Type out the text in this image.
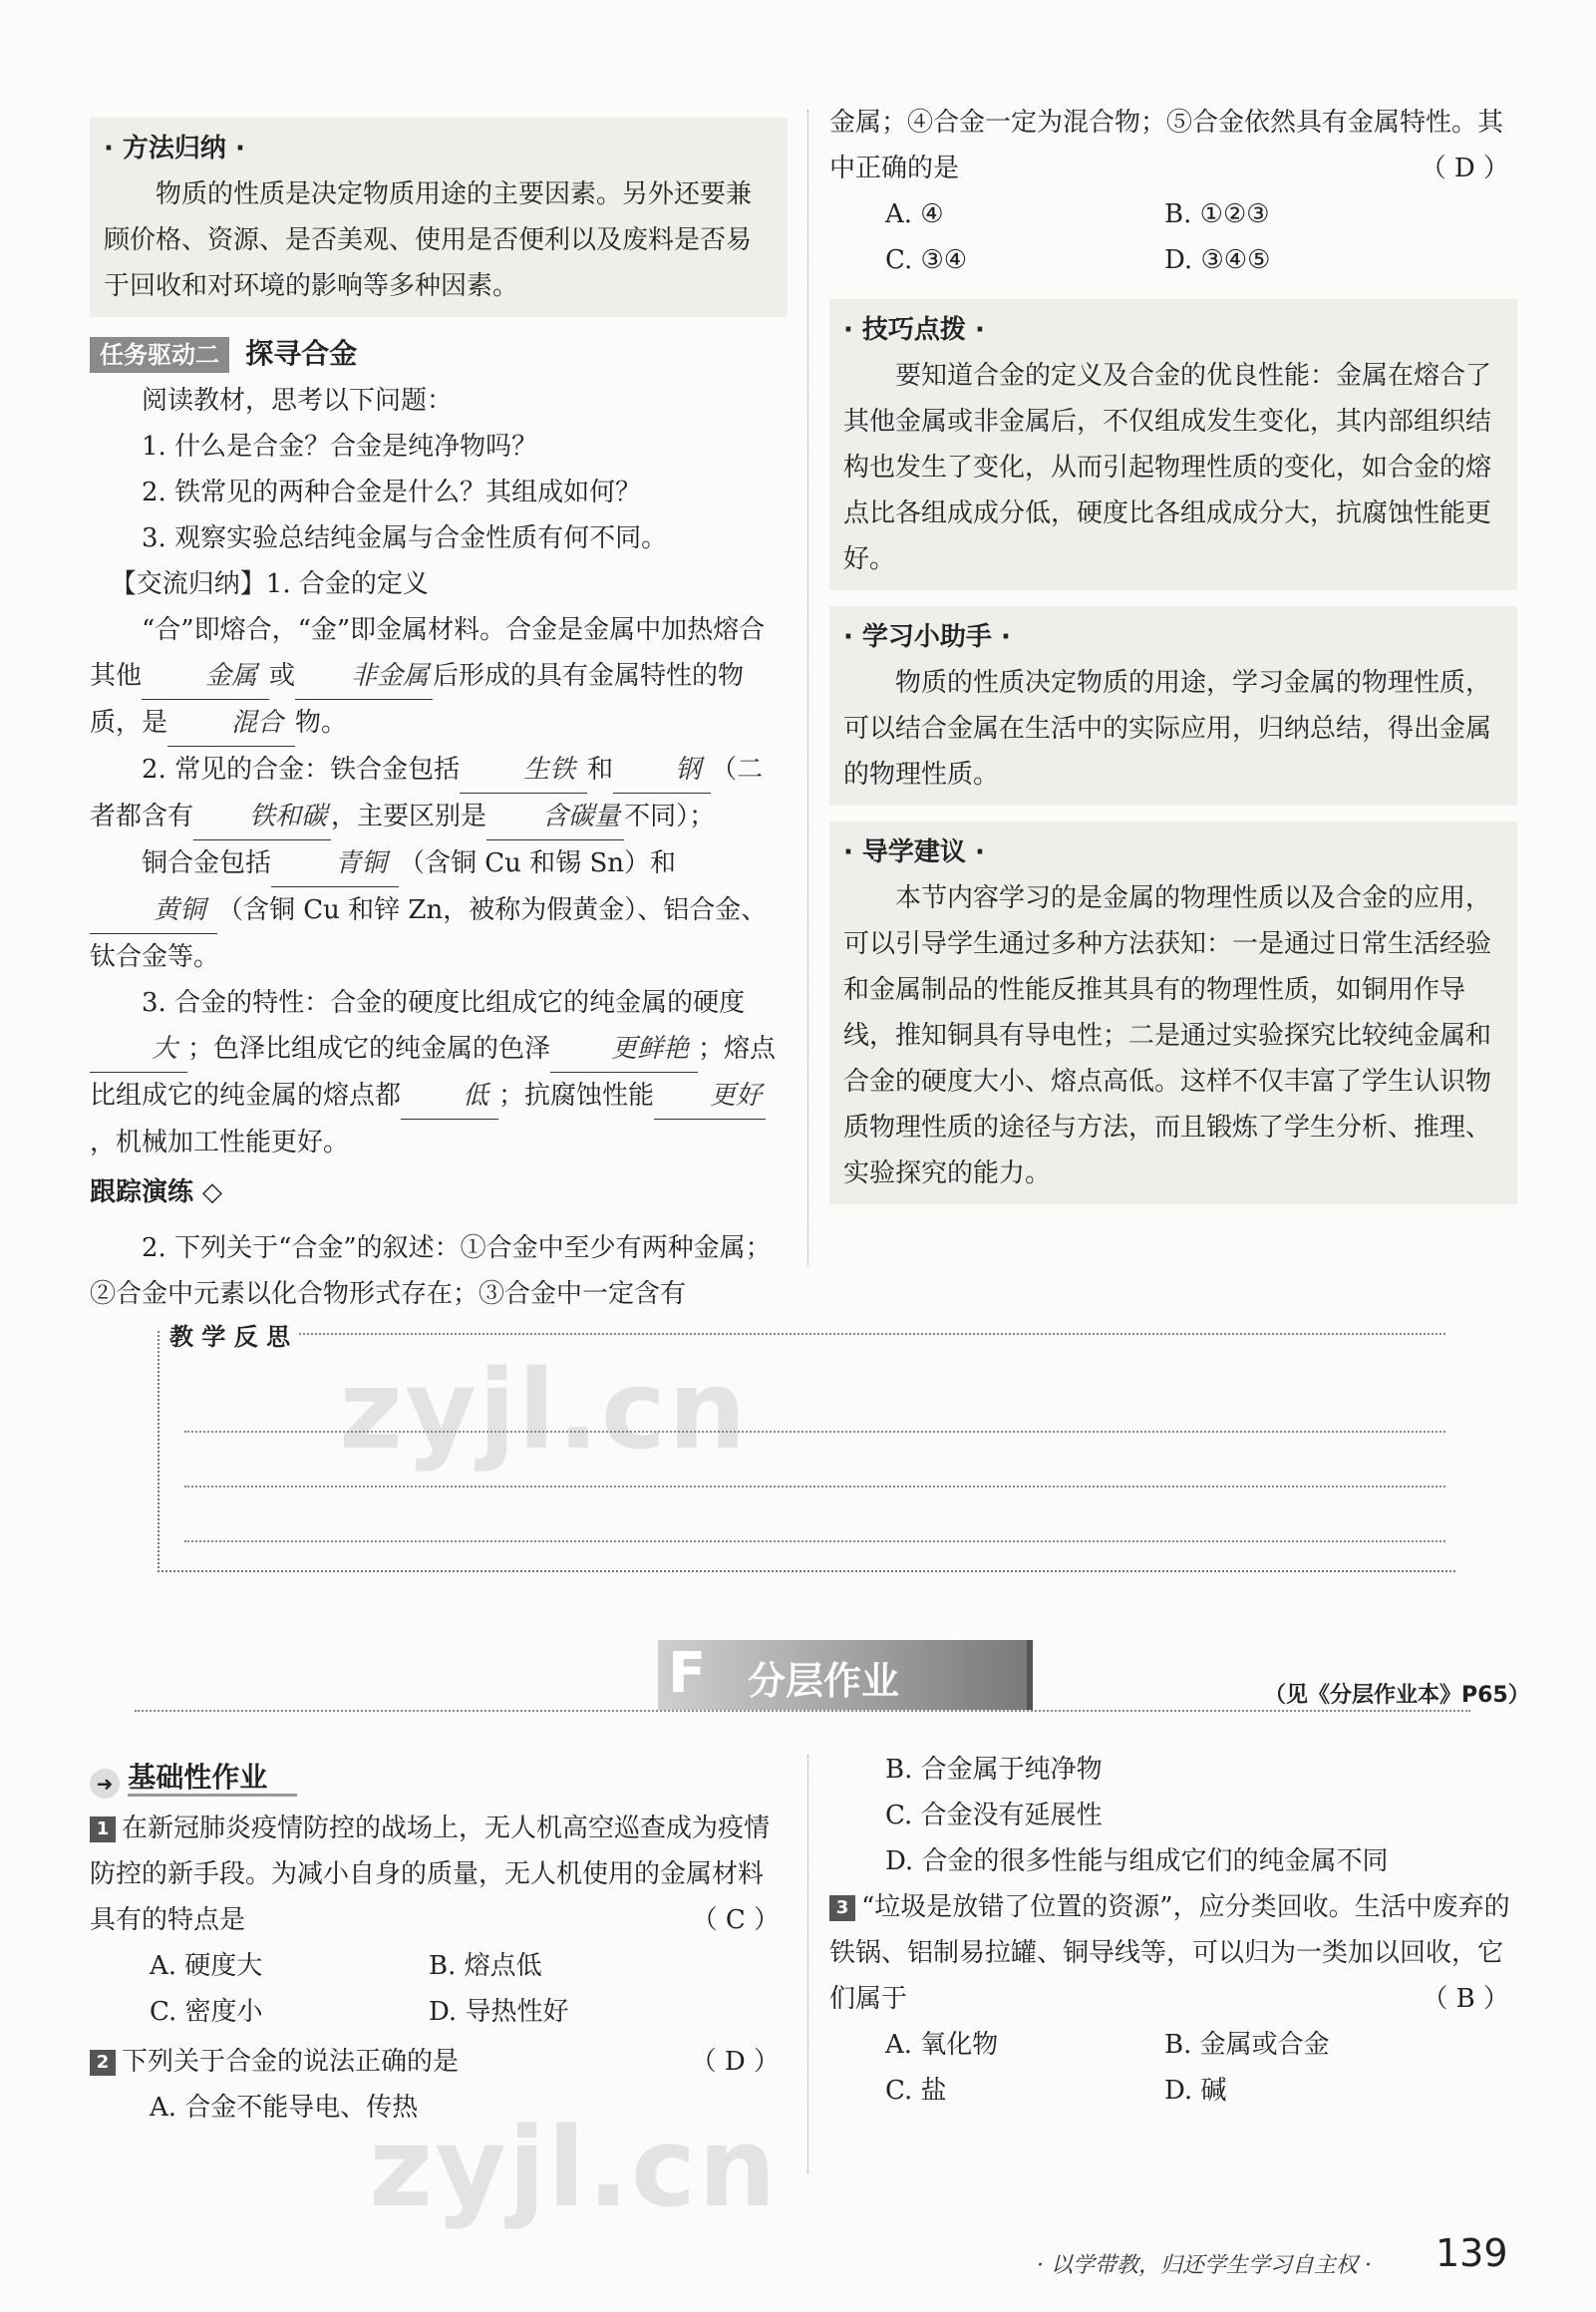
· 方法归纳 ·

物质的性质是决定物质用途的主要因素。另外还要兼顾价格、资源、是否美观、使用是否便利以及废料是否易于回收和对环境的影响等多种因素。

任务驱动二 探寻合金

阅读教材，思考以下问题：

1. 什么是合金？合金是纯净物吗？

2. 铁常见的两种合金是什么？其组成如何？

3. 观察实验总结纯金属与合金性质有何不同。

【交流归纳】1. 合金的定义

“合”即熔合，“金”即金属材料。合金是金属中加热熔合其他 金属 或 非金属 后形成的具有金属特性的物质，是 混合 物。

2. 常见的合金：铁合金包括 生铁 和 钢 （二者都含有 铁和碳 ，主要区别是 含碳量 不同）；

铜合金包括 青铜 （含铜 Cu 和锡 Sn）和黄铜 （含铜 Cu 和锌 Zn，被称为假黄金）、铝合金、钛合金等。

3. 合金的特性：合金的硬度比组成它的纯金属的硬度大 ；色泽比组成它的纯金属的色泽 更鲜艳 ；熔点比组成它的纯金属的熔点都 低 ；抗腐蚀性能 更好，机械加工性能更好。

跟踪演练 ◇

2. 下列关于“合金”的叙述：①合金中至少有两种金属；②合金中元素以化合物形式存在；③合金中一定含有

金属；④合金一定为混合物；⑤合金依然具有金属特性。其中正确的是	（ D ）

A. ④	B. ①②③
C. ③④	D. ③④⑤
· 技巧点拨 ·

要知道合金的定义及合金的优良性能：金属在熔合了其他金属或非金属后，不仅组成发生变化，其内部组织结构也发生了变化，从而引起物理性质的变化，如合金的熔点比各组成成分低，硬度比各组成成分大，抗腐蚀性能更好。

· 学习小助手 ·

物质的性质决定物质的用途，学习金属的物理性质，可以结合金属在生活中的实际应用，归纳总结，得出金属的物理性质。

· 导学建议 ·

本节内容学习的是金属的物理性质以及合金的应用，可以引导学生通过多种方法获知：一是通过日常生活经验和金属制品的性能反推其具有的物理性质，如铜用作导线，推知铜具有导电性；二是通过实验探究比较纯金属和合金的硬度大小、熔点高低。这样不仅丰富了学生认识物质物理性质的途径与方法，而且锻炼了学生分析、推理、实验探究的能力。

教 学 反 思
F 分层作业	（见《分层作业本》P65）
➜ 基础性作业

1 在新冠肺炎疫情防控的战场上，无人机高空巡查成为疫情防控的新手段。为减小自身的质量，无人机使用的金属材料具有的特点是	（ C ）

A. 硬度大	B. 熔点低
C. 密度小	D. 导热性好

2 下列关于合金的说法正确的是	（ D ）

A. 合金不能导电、传热

B. 合金属于纯净物

C. 合金没有延展性

D. 合金的很多性能与组成它们的纯金属不同

3 “垃圾是放错了位置的资源”，应分类回收。生活中废弃的铁锅、铝制易拉罐、铜导线等，可以归为一类加以回收，它们属于	（ B ）

A. 氧化物	B. 金属或合金
C. 盐	D. 碱
· 以学带教，归还学生学习自主权 · 139
zyjl.cn
zyjl.cn
